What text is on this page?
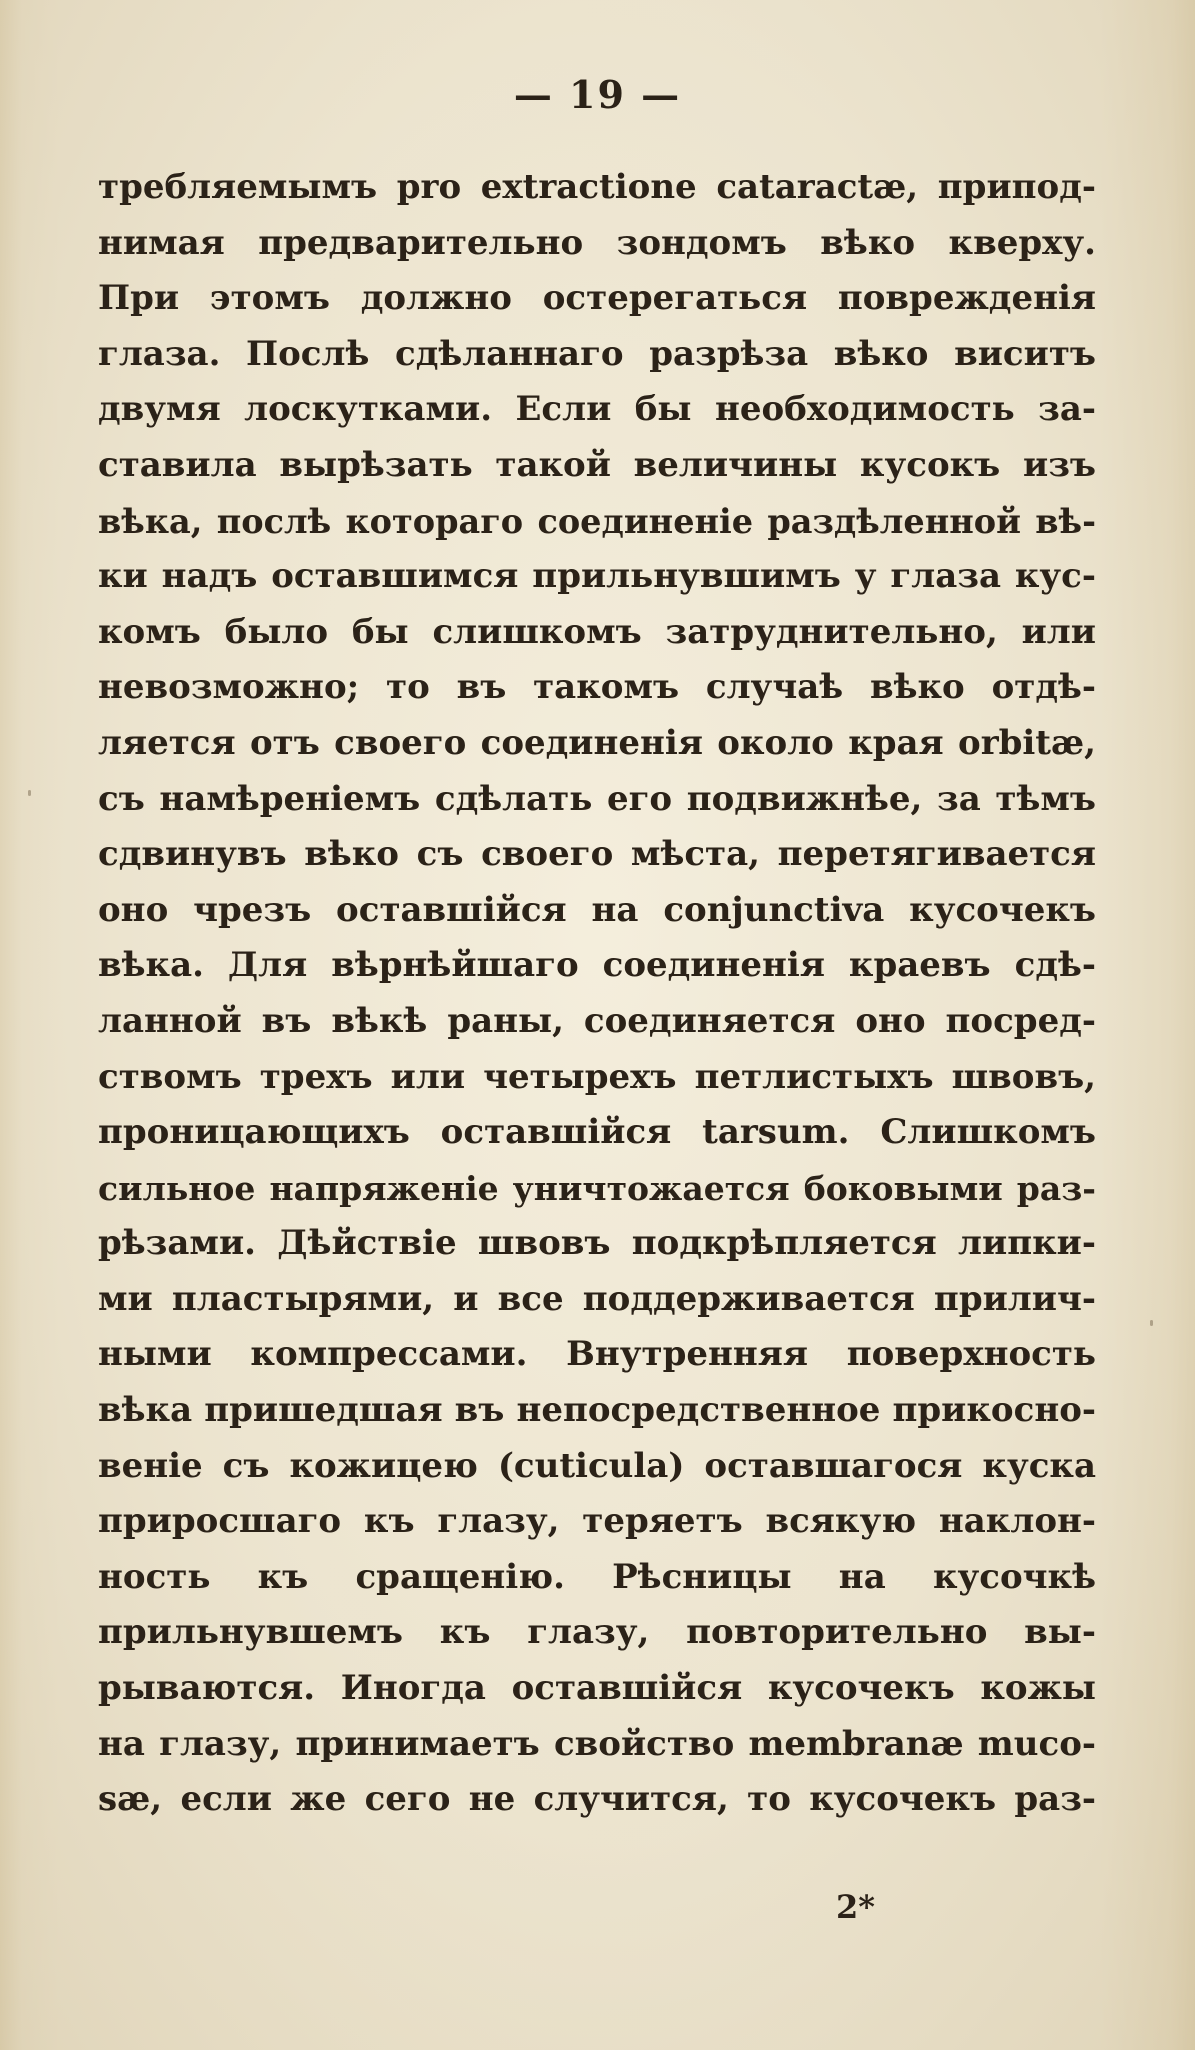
— 19 —
требляемымъ pro extractione cataractæ, припод-
нимая предварительно зондомъ вѣко кверху.
При этомъ должно остерегаться поврежденія
глаза. Послѣ сдѣланнаго разрѣза вѣко виситъ
двумя лоскутками. Если бы необходимость за-
ставила вырѣзать такой величины кусокъ изъ
вѣка, послѣ котораго соединеніе раздѣленной вѣ-
ки надъ оставшимся прильнувшимъ у глаза кус-
комъ было бы слишкомъ затруднительно, или
невозможно; то въ такомъ случаѣ вѣко отдѣ-
ляется отъ своего соединенія около края orbitæ,
съ намѣреніемъ сдѣлать его подвижнѣе, за тѣмъ
сдвинувъ вѣко съ своего мѣста, перетягивается
оно чрезъ оставшійся на conjunctiva кусочекъ
вѣка. Для вѣрнѣйшаго соединенія краевъ сдѣ-
ланной въ вѣкѣ раны, соединяется оно посред-
ствомъ трехъ или четырехъ петлистыхъ швовъ,
проницающихъ оставшійся tarsum. Слишкомъ
сильное напряженіе уничтожается боковыми раз-
рѣзами. Дѣйствіе швовъ подкрѣпляется липки-
ми пластырями, и все поддерживается прилич-
ными компрессами. Внутренняя поверхность
вѣка пришедшая въ непосредственное прикосно-
веніе съ кожицею (cuticula) оставшагося куска
приросшаго къ глазу, теряетъ всякую наклон-
ность къ сращенію. Рѣсницы на кусочкѣ
прильнувшемъ къ глазу, повторительно вы-
рываются. Иногда оставшійся кусочекъ кожы
на глазу, принимаетъ свойство membranæ muco-
sæ, если же сего не случится, то кусочекъ раз-
2*
